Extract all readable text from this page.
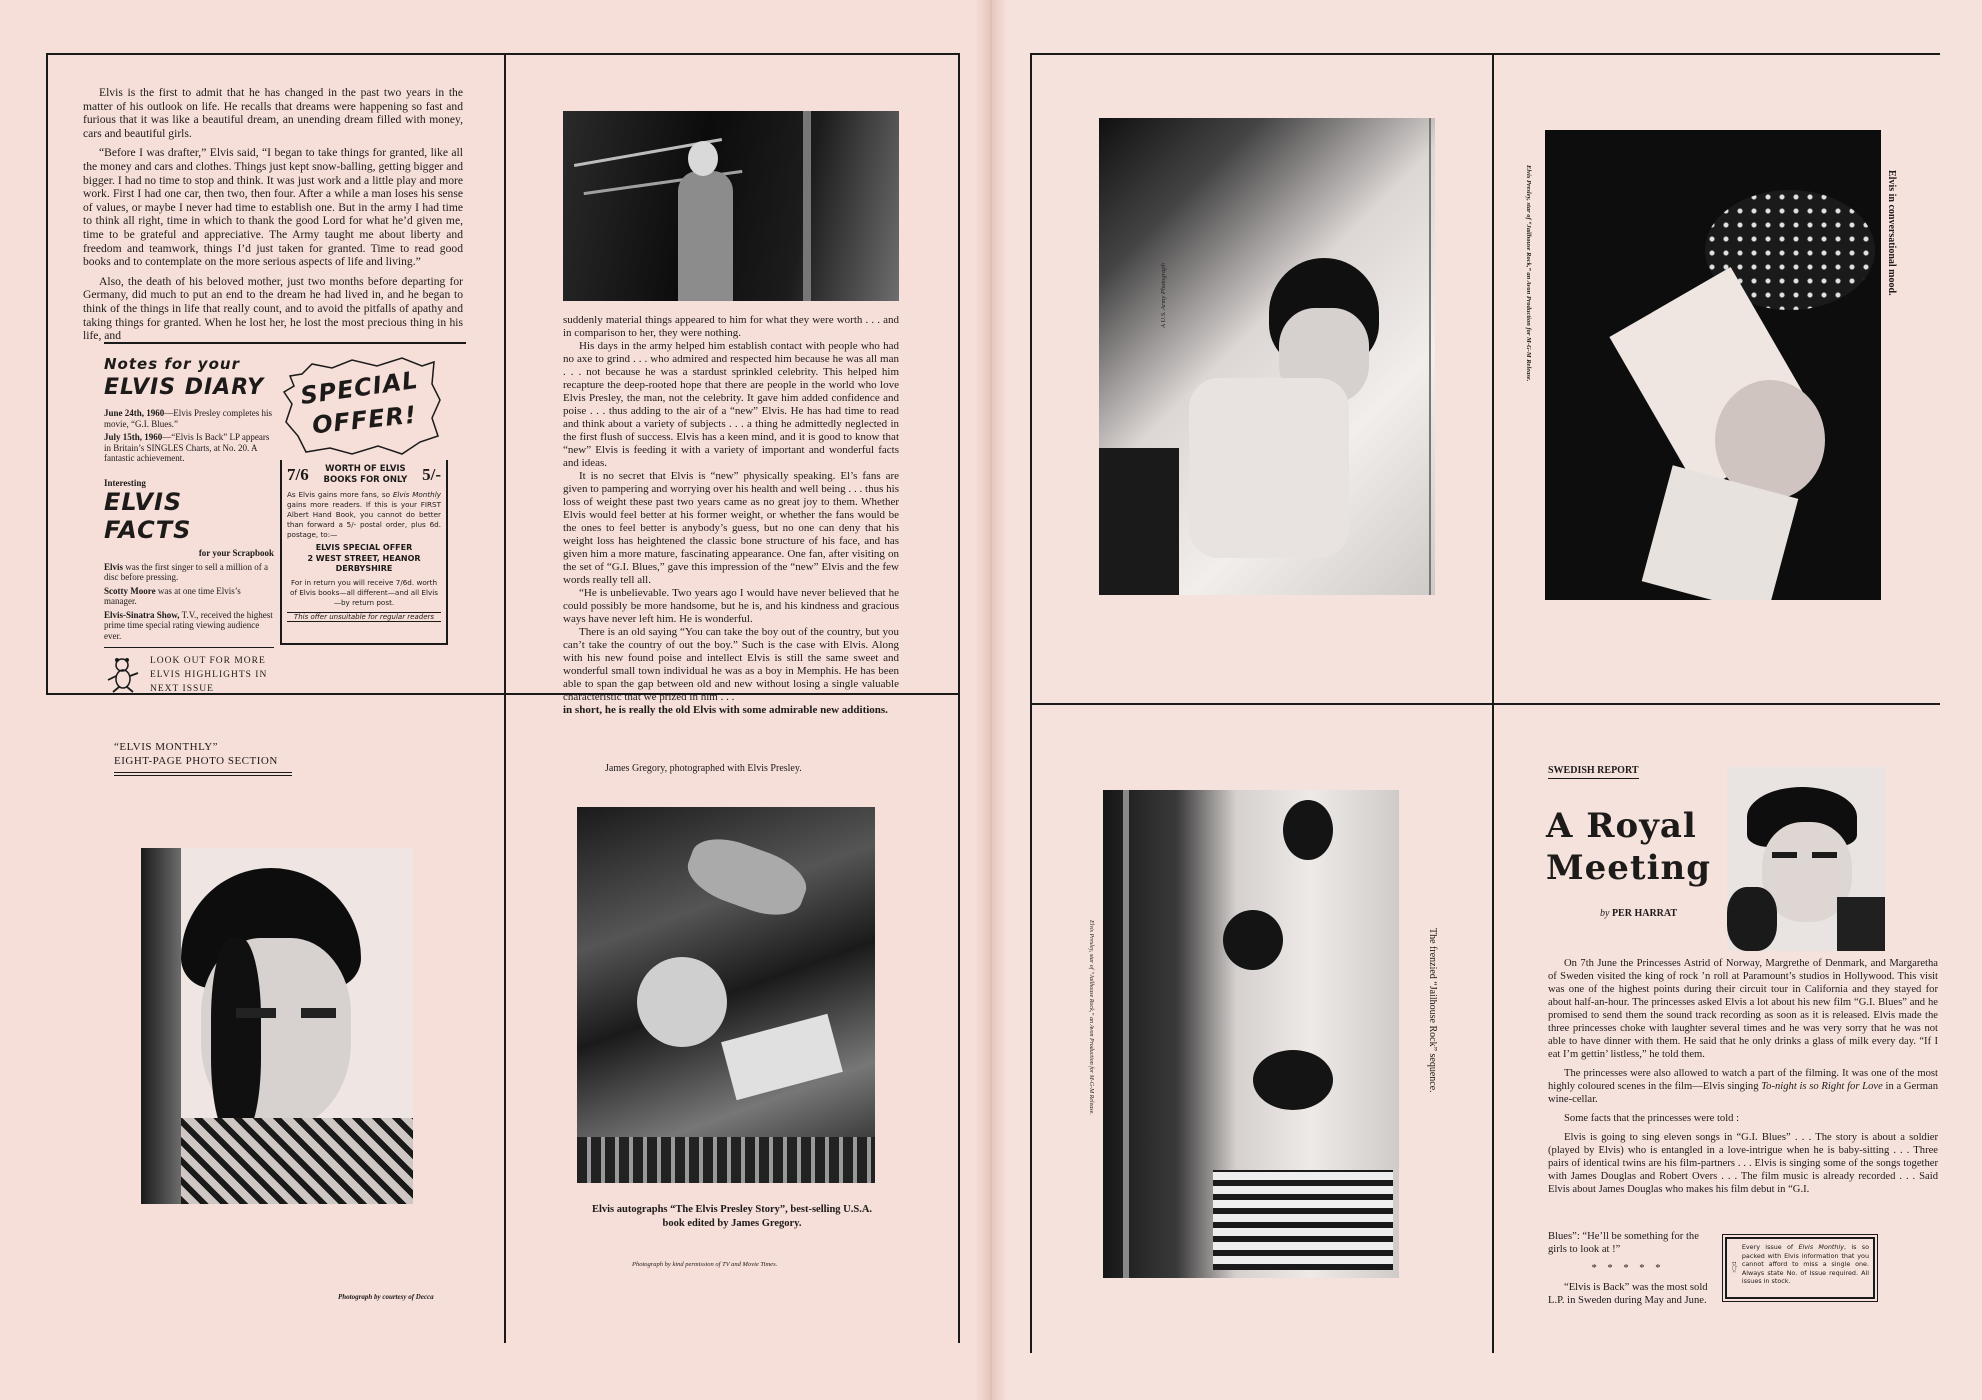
Elvis is the first to admit that he has changed in the past two years in the matter of his outlook on life. He recalls that dreams were happening so fast and furious that it was like a beautiful dream, an unending dream filled with money, cars and beautiful girls.

“Before I was drafter,” Elvis said, “I began to take things for granted, like all the money and cars and clothes. Things just kept snow-balling, getting bigger and bigger. I had no time to stop and think. It was just work and a little play and more work. First I had one car, then two, then four. After a while a man loses his sense of values, or maybe I never had time to establish one. But in the army I had time to think all right, time in which to thank the good Lord for what he’d given me, time to be grateful and appreciative. The Army taught me about liberty and freedom and teamwork, things I’d just taken for granted. Time to read good books and to contemplate on the more serious aspects of life and living.”

Also, the death of his beloved mother, just two months before departing for Germany, did much to put an end to the dream he had lived in, and he began to think of the things in life that really count, and to avoid the pitfalls of apathy and taking things for granted. When he lost her, he lost the most precious thing in his life, and

Notes for your
ELVIS DIARY
June 24th, 1960—Elvis Presley completes his movie, “G.I. Blues.”
July 15th, 1960—“Elvis Is Back” LP appears in Britain’s SINGLES Charts, at No. 20. A fantastic achievement.
Interesting
ELVIS FACTS
for your Scrapbook
Elvis was the first singer to sell a million of a disc before pressing.
Scotty Moore was at one time Elvis’s manager.
Elvis-Sinatra Show, T.V., received the highest prime time special rating viewing audience ever.
LOOK OUT FOR MORE ELVIS HIGHLIGHTS IN NEXT ISSUE
SPECIAL
OFFER!
7/6	WORTH OF ELVIS BOOKS FOR ONLY 5/-
As Elvis gains more fans, so Elvis Monthly gains more readers. If this is your FIRST Albert Hand Book, you cannot do better than forward a 5/- postal order, plus 6d. postage, to:—
ELVIS SPECIAL OFFER
2 WEST STREET, HEANOR
DERBYSHIRE
For in return you will receive 7/6d. worth of Elvis books—all different—and all Elvis—by return post.
This offer unsuitable for regular readers

suddenly material things appeared to him for what they were worth . . . and in comparison to her, they were nothing.

His days in the army helped him establish contact with people who had no axe to grind . . . who admired and respected him because he was all man . . . not because he was a stardust sprinkled celebrity. This helped him recapture the deep-rooted hope that there are people in the world who love Elvis Presley, the man, not the celebrity. It gave him added confidence and poise . . . thus adding to the air of a “new” Elvis. He has had time to read and think about a variety of subjects . . . a thing he admittedly neglected in the first flush of success. Elvis has a keen mind, and it is good to know that “new” Elvis is feeding it with a variety of important and wonderful facts and ideas.

It is no secret that Elvis is “new” physically speaking. El’s fans are given to pampering and worrying over his health and well being . . . thus his loss of weight these past two years came as no great joy to them. Whether Elvis would feel better at his former weight, or whether the fans would be the ones to feel better is anybody’s guess, but no one can deny that his weight loss has heightened the classic bone structure of his face, and has given him a more mature, fascinating appearance. One fan, after visiting on the set of “G.I. Blues,” gave this impression of the “new” Elvis and the few words really tell all.

“He is unbelievable. Two years ago I would have never believed that he could possibly be more handsome, but he is, and his kindness and gracious ways have never left him. He is wonderful.

There is an old saying “You can take the boy out of the country, but you can’t take the country of out the boy.” Such is the case with Elvis. Along with his new found poise and intellect Elvis is still the same sweet and wonderful small town individual he was as a boy in Memphis. He has been able to span the gap between old and new without losing a single valuable characteristic that we prized in him . . .

in short, he is really the old Elvis with some admirable new additions.

“ELVIS MONTHLY”
EIGHT-PAGE PHOTO SECTION
Photograph by courtesy of Decca
James Gregory, photographed with Elvis Presley.
Elvis autographs “The Elvis Presley Story”, best-selling U.S.A. book edited by James Gregory.
Photograph by kind permission of TV and Movie Times.
A U.S. Army Photograph	Elvis in conversational mood.
Elvis Presley, star of “Jailhouse Rock,” an Avon Production for M-G-M Release.
The frenzied “Jailhouse Rock” sequence.
Elvis Presley, star of “Jailhouse Rock,” an Avon Production for M-G-M Release.
SWEDISH REPORT
A Royal
Meeting
by PER HARRAT

On 7th June the Princesses Astrid of Norway, Margrethe of Denmark, and Margaretha of Sweden visited the king of rock ’n roll at Paramount’s studios in Hollywood. This visit was one of the highest points during their circuit tour in California and they stayed for about half-an-hour. The princesses asked Elvis a lot about his new film “G.I. Blues” and he promised to send them the sound track recording as soon as it is released. Elvis made the three princesses choke with laughter several times and he was very sorry that he was not able to have dinner with them. He said that he only drinks a glass of milk every day. “If I eat I’m gettin’ listless,” he told them.

The princesses were also allowed to watch a part of the filming. It was one of the most highly coloured scenes in the film—Elvis singing To-night is so Right for Love in a German wine-cellar.

Some facts that the princesses were told :

Elvis is going to sing eleven songs in “G.I. Blues” . . . The story is about a soldier (played by Elvis) who is entangled in a love-intrigue when he is baby-sitting . . . Three pairs of identical twins are his film-partners . . . Elvis is singing some of the songs together with James Douglas and Robert Overs . . . The film music is already recorded . . . Said Elvis about James Douglas who makes his film debut in “G.I.

Blues”: “He’ll be something for the girls to look at !”
* * * * *
“Elvis is Back” was the most sold L.P. in Sweden during May and June.
Every issue of Elvis Monthly, is so packed with Elvis information that you cannot afford to miss a single one. Always state No. of Issue required. All issues in stock.
